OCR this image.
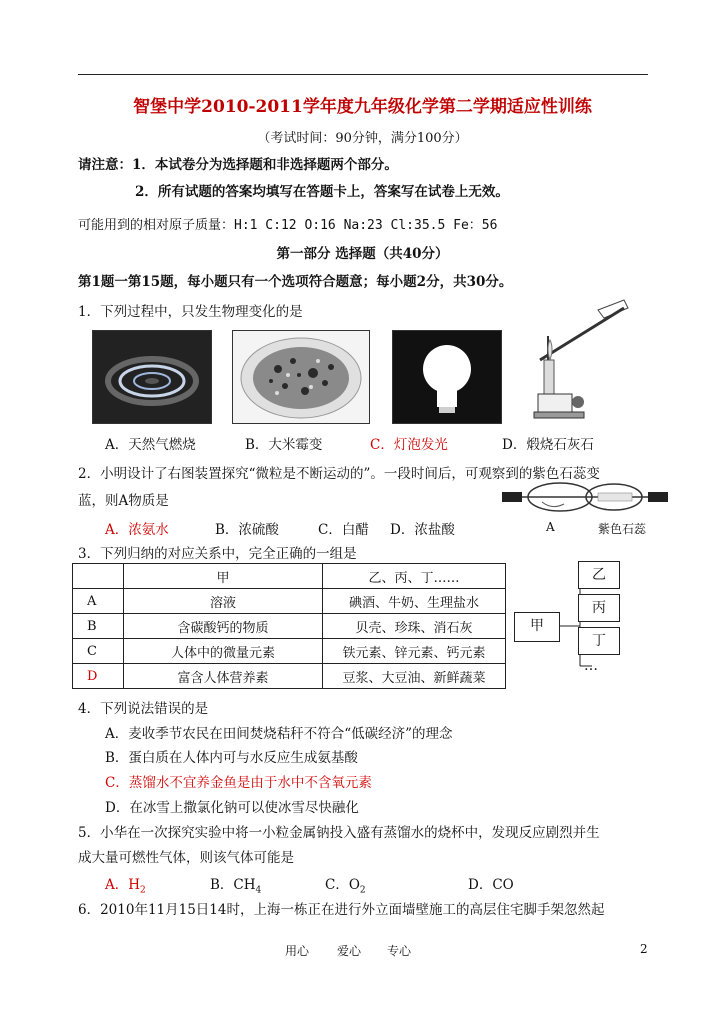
智堡中学2010-2011学年度九年级化学第二学期适应性训练
（考试时间：90分钟，满分100分）
请注意：1．本试卷分为选择题和非选择题两个部分。
2．所有试题的答案均填写在答题卡上，答案写在试卷上无效。
可能用到的相对原子质量：H:1 C:12 O:16 Na:23 Cl:35.5 Fe：56
第一部分 选择题（共40分）
第1题一第15题，每小题只有一个选项符合题意；每小题2分，共30分。
1．下列过程中，只发生物理变化的是
A．天然气燃烧	B．大米霉变	C．灯泡发光	D．煅烧石灰石
2．小明设计了右图装置探究“微粒是不断运动的”。一段时间后，可观察到的紫色石蕊变
蓝，则A物质是
A	紫色石蕊
A．浓氨水	B．浓硫酸	C．白醋 D．浓盐酸
3．下列归纳的对应关系中，完全正确的一组是
	甲	乙、丙、丁……
A	溶液	碘酒、牛奶、生理盐水
B	含碳酸钙的物质	贝壳、珍珠、消石灰
C	人体中的微量元素	铁元素、锌元素、钙元素
D	富含人体营养素	豆浆、大豆油、新鲜蔬菜
甲
乙
丙
丁
…
4．下列说法错误的是
A．麦收季节农民在田间焚烧秸秆不符合“低碳经济”的理念
B．蛋白质在人体内可与水反应生成氨基酸
C．蒸馏水不宜养金鱼是由于水中不含氧元素
D．在冰雪上撒氯化钠可以使冰雪尽快融化
5．小华在一次探究实验中将一小粒金属钠投入盛有蒸馏水的烧杯中，发现反应剧烈并生
成大量可燃性气体，则该气体可能是
A．$H_2$	B．$CH_4$	C．$O_2$	D．CO
6．2010年11月15日14时，上海一栋正在进行外立面墙壁施工的高层住宅脚手架忽然起
用心 爱心 专心	2
